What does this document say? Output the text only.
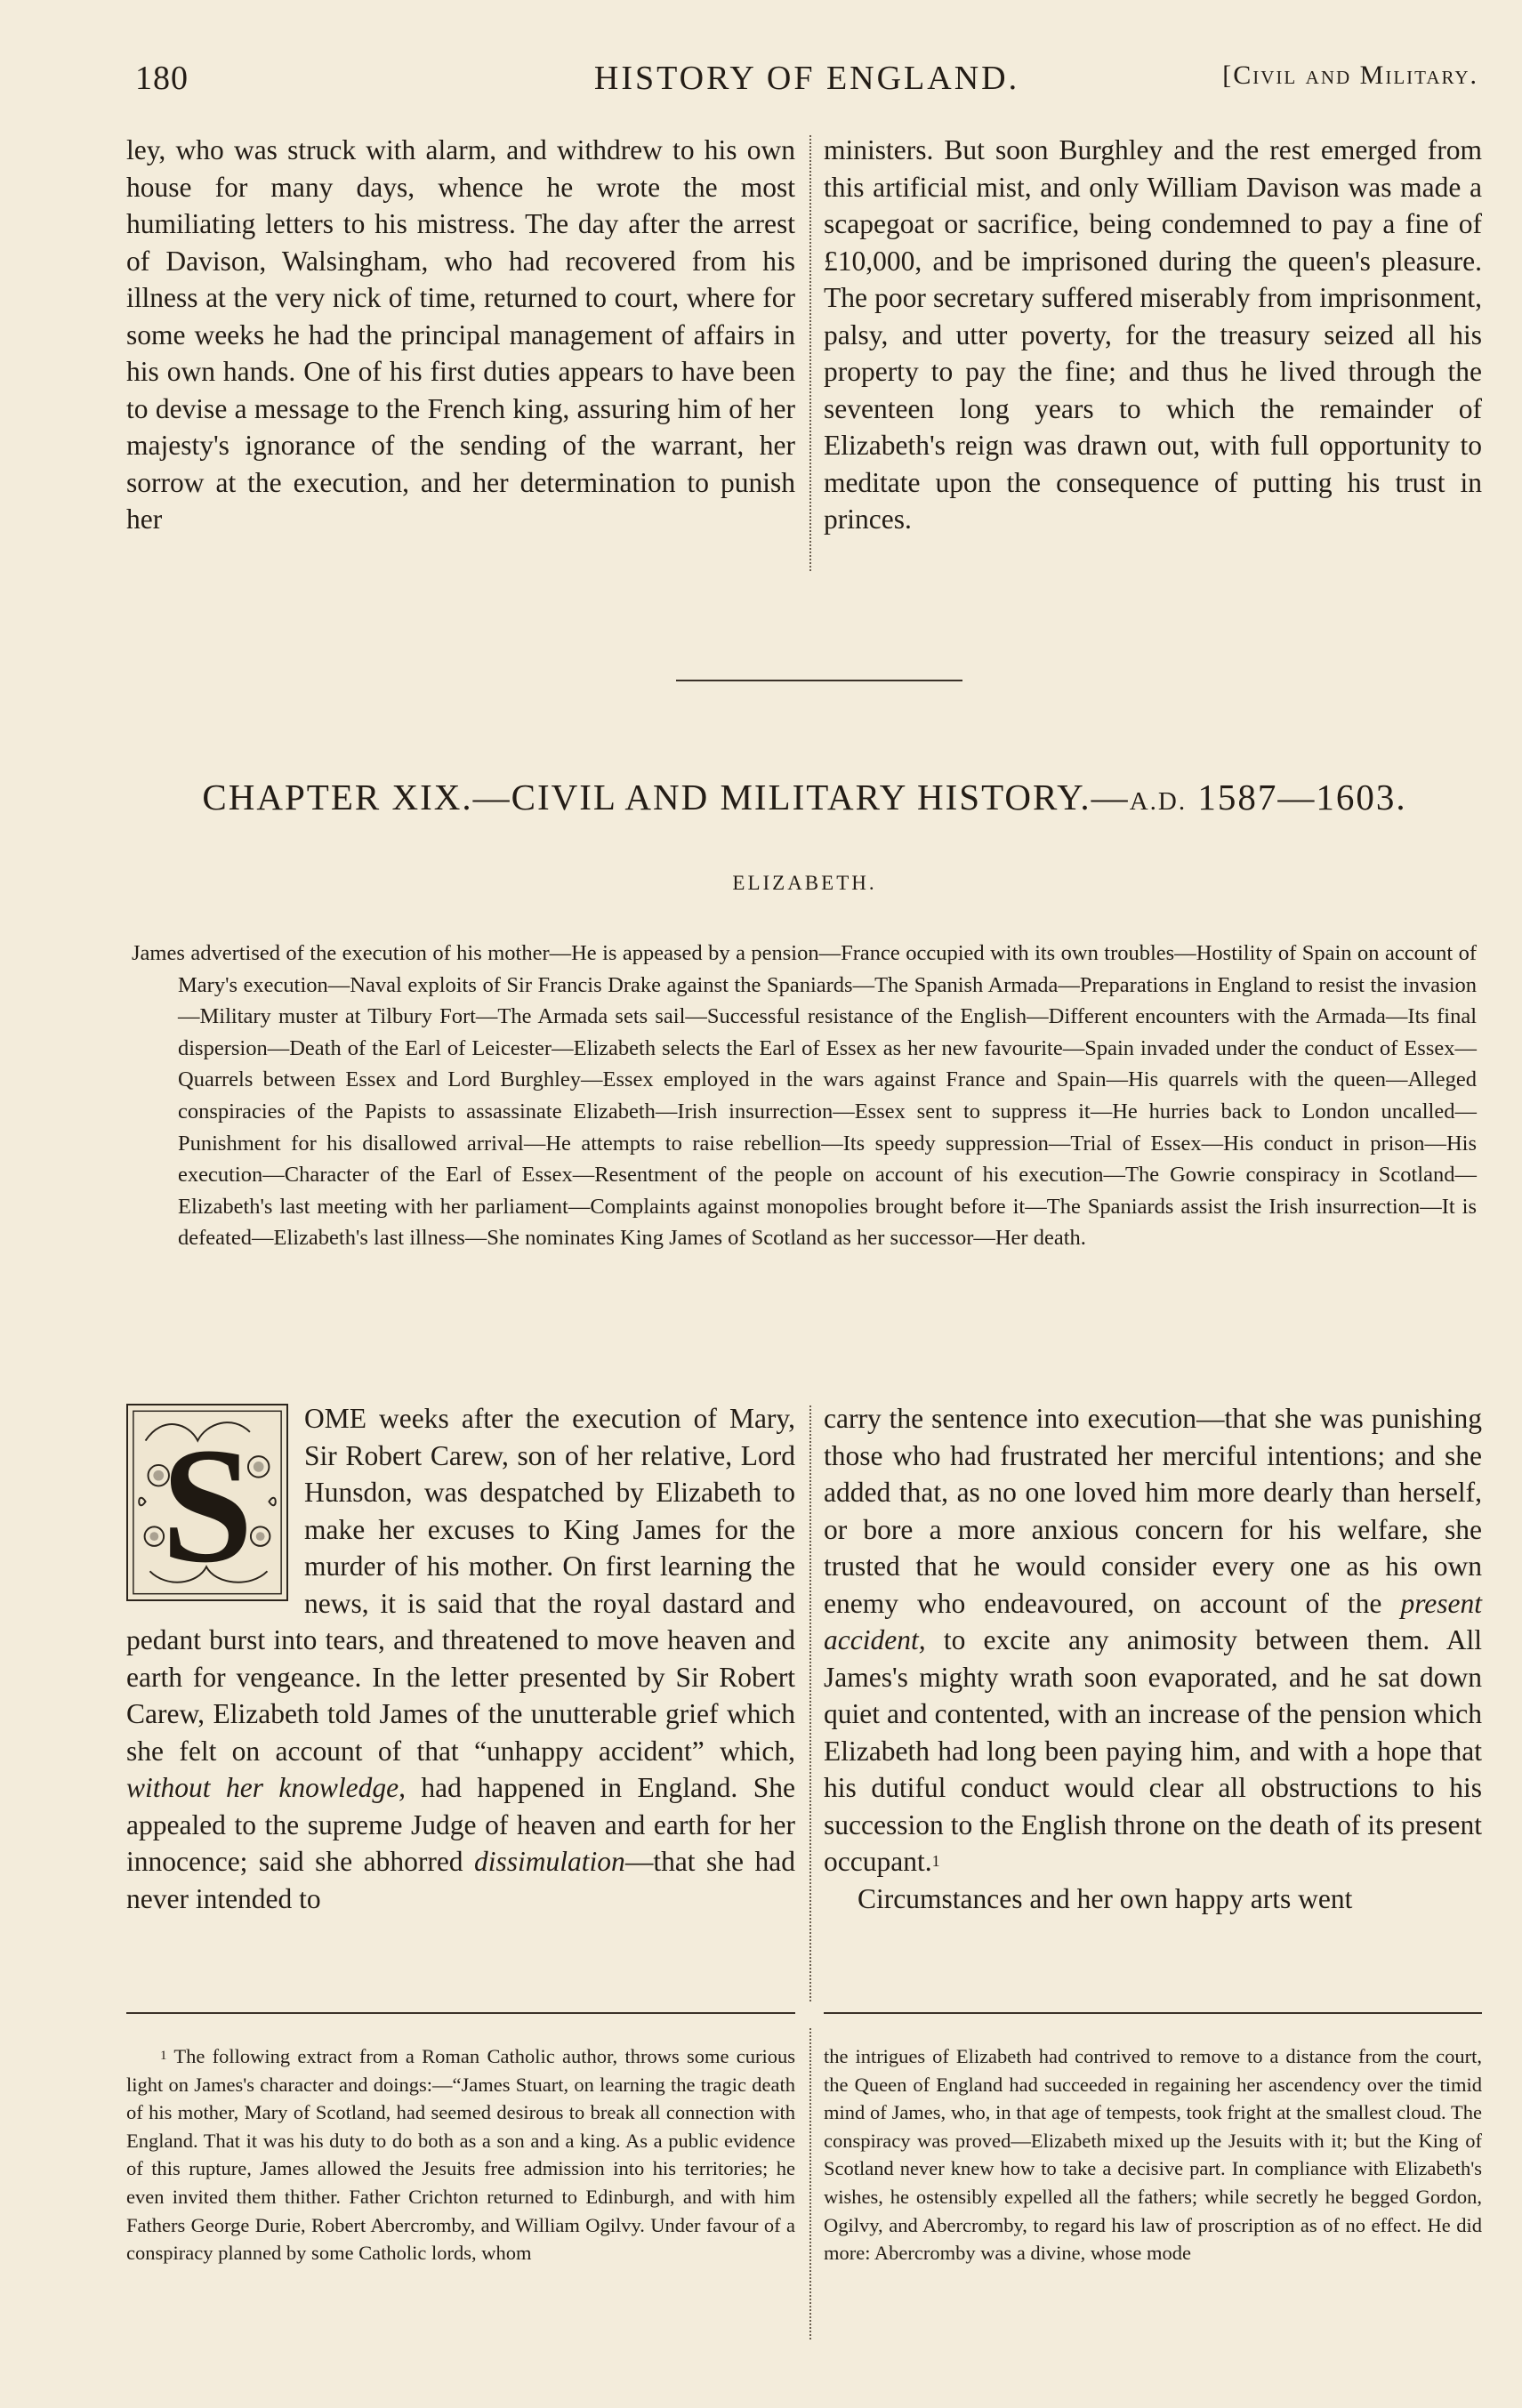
180	HISTORY OF ENGLAND.	[Civil and Military.

ley, who was struck with alarm, and withdrew to his own house for many days, whence he wrote the most humiliating letters to his mistress. The day after the arrest of Davison, Walsingham, who had recovered from his illness at the very nick of time, returned to court, where for some weeks he had the principal management of affairs in his own hands. One of his first duties appears to have been to devise a message to the French king, assuring him of her majesty's ignorance of the sending of the warrant, her sorrow at the execution, and her determination to punish her

ministers. But soon Burghley and the rest emerged from this artificial mist, and only William Davison was made a scapegoat or sacrifice, being condemned to pay a fine of £10,000, and be imprisoned during the queen's pleasure. The poor secretary suffered miserably from imprisonment, palsy, and utter poverty, for the treasury seized all his property to pay the fine; and thus he lived through the seventeen long years to which the remainder of Elizabeth's reign was drawn out, with full opportunity to meditate upon the consequence of putting his trust in princes.

CHAPTER XIX.—CIVIL AND MILITARY HISTORY.—A.D. 1587—1603.
ELIZABETH.
James advertised of the execution of his mother—He is appeased by a pension—France occupied with its own troubles—Hostility of Spain on account of Mary's execution—Naval exploits of Sir Francis Drake against the Spaniards—The Spanish Armada—Preparations in England to resist the invasion—Military muster at Tilbury Fort—The Armada sets sail—Successful resistance of the English—Different encounters with the Armada—Its final dispersion—Death of the Earl of Leicester—Elizabeth selects the Earl of Essex as her new favourite—Spain invaded under the conduct of Essex—Quarrels between Essex and Lord Burghley—Essex employed in the wars against France and Spain—His quarrels with the queen—Alleged conspiracies of the Papists to assassinate Elizabeth—Irish insurrection—Essex sent to suppress it—He hurries back to London uncalled—Punishment for his disallowed arrival—He attempts to raise rebellion—Its speedy suppression—Trial of Essex—His conduct in prison—His execution—Character of the Earl of Essex—Resentment of the people on account of his execution—The Gowrie conspiracy in Scotland—Elizabeth's last meeting with her parliament—Complaints against monopolies brought before it—The Spaniards assist the Irish insurrection—It is defeated—Elizabeth's last illness—She nominates King James of Scotland as her successor—Her death.
S	OME weeks after the execution of Mary, Sir Robert Carew, son of her relative, Lord Hunsdon, was despatched by Elizabeth to make her excuses to King James for the murder of his mother. On first learning the news, it is said that the royal dastard and pedant burst into tears, and threatened to move heaven and earth for vengeance. In the letter presented by Sir Robert Carew, Elizabeth told James of the unutterable grief which she felt on account of that “unhappy accident” which, without her knowledge, had happened in England. She appealed to the supreme Judge of heaven and earth for her innocence; said she abhorred dissimulation—that she had never intended to

carry the sentence into execution—that she was punishing those who had frustrated her merciful intentions; and she added that, as no one loved him more dearly than herself, or bore a more anxious concern for his welfare, she trusted that he would consider every one as his own enemy who endeavoured, on account of the present accident, to excite any animosity between them. All James's mighty wrath soon evaporated, and he sat down quiet and contented, with an increase of the pension which Elizabeth had long been paying him, and with a hope that his dutiful conduct would clear all obstructions to his succession to the English throne on the death of its present occupant.$^1$

Circumstances and her own happy arts went

$^1$ The following extract from a Roman Catholic author, throws some curious light on James's character and doings:—“James Stuart, on learning the tragic death of his mother, Mary of Scotland, had seemed desirous to break all connection with England. That it was his duty to do both as a son and a king. As a public evidence of this rupture, James allowed the Jesuits free admission into his territories; he even invited them thither. Father Crichton returned to Edinburgh, and with him Fathers George Durie, Robert Abercromby, and William Ogilvy. Under favour of a conspiracy planned by some Catholic lords, whom
the intrigues of Elizabeth had contrived to remove to a distance from the court, the Queen of England had succeeded in regaining her ascendency over the timid mind of James, who, in that age of tempests, took fright at the smallest cloud. The conspiracy was proved—Elizabeth mixed up the Jesuits with it; but the King of Scotland never knew how to take a decisive part. In compliance with Elizabeth's wishes, he ostensibly expelled all the fathers; while secretly he begged Gordon, Ogilvy, and Abercromby, to regard his law of proscription as of no effect. He did more: Abercromby was a divine, whose mode
